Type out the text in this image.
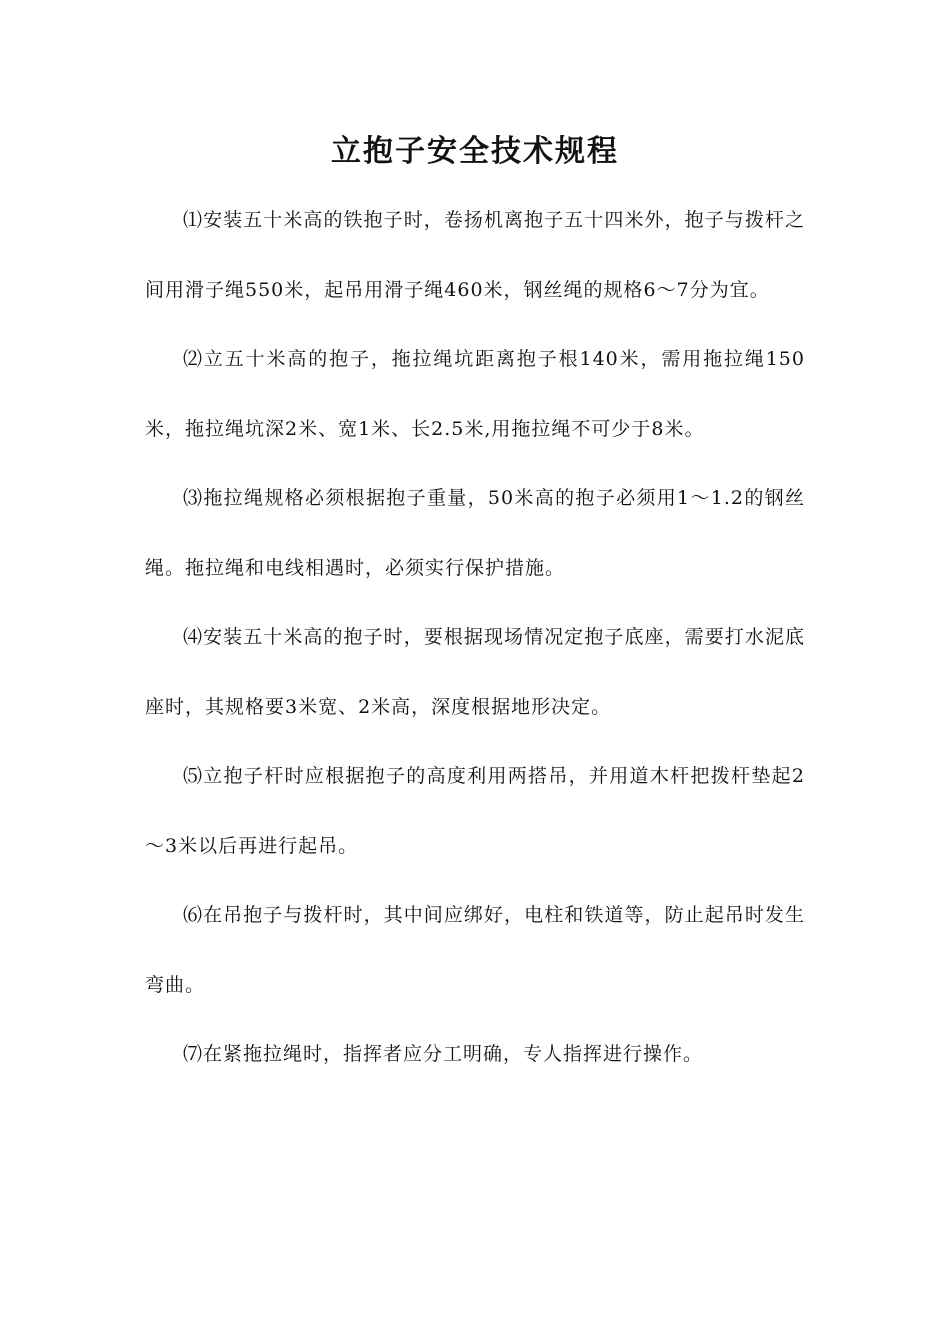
立抱子安全技术规程

⑴安装五十米高的铁抱子时，卷扬机离抱子五十四米外，抱子与拨杆之间用滑子绳550米，起吊用滑子绳460米，钢丝绳的规格6～7分为宜。

⑵立五十米高的抱子，拖拉绳坑距离抱子根140米，需用拖拉绳150米，拖拉绳坑深2米、宽1米、长2.5米,用拖拉绳不可少于8米。

⑶拖拉绳规格必须根据抱子重量，50米高的抱子必须用1～1.2的钢丝绳。拖拉绳和电线相遇时，必须实行保护措施。

⑷安装五十米高的抱子时，要根据现场情况定抱子底座，需要打水泥底座时，其规格要3米宽、2米高，深度根据地形决定。

⑸立抱子杆时应根据抱子的高度利用两搭吊，并用道木杆把拨杆垫起2～3米以后再进行起吊。

⑹在吊抱子与拨杆时，其中间应绑好，电柱和铁道等，防止起吊时发生弯曲。

⑺在紧拖拉绳时，指挥者应分工明确，专人指挥进行操作。
